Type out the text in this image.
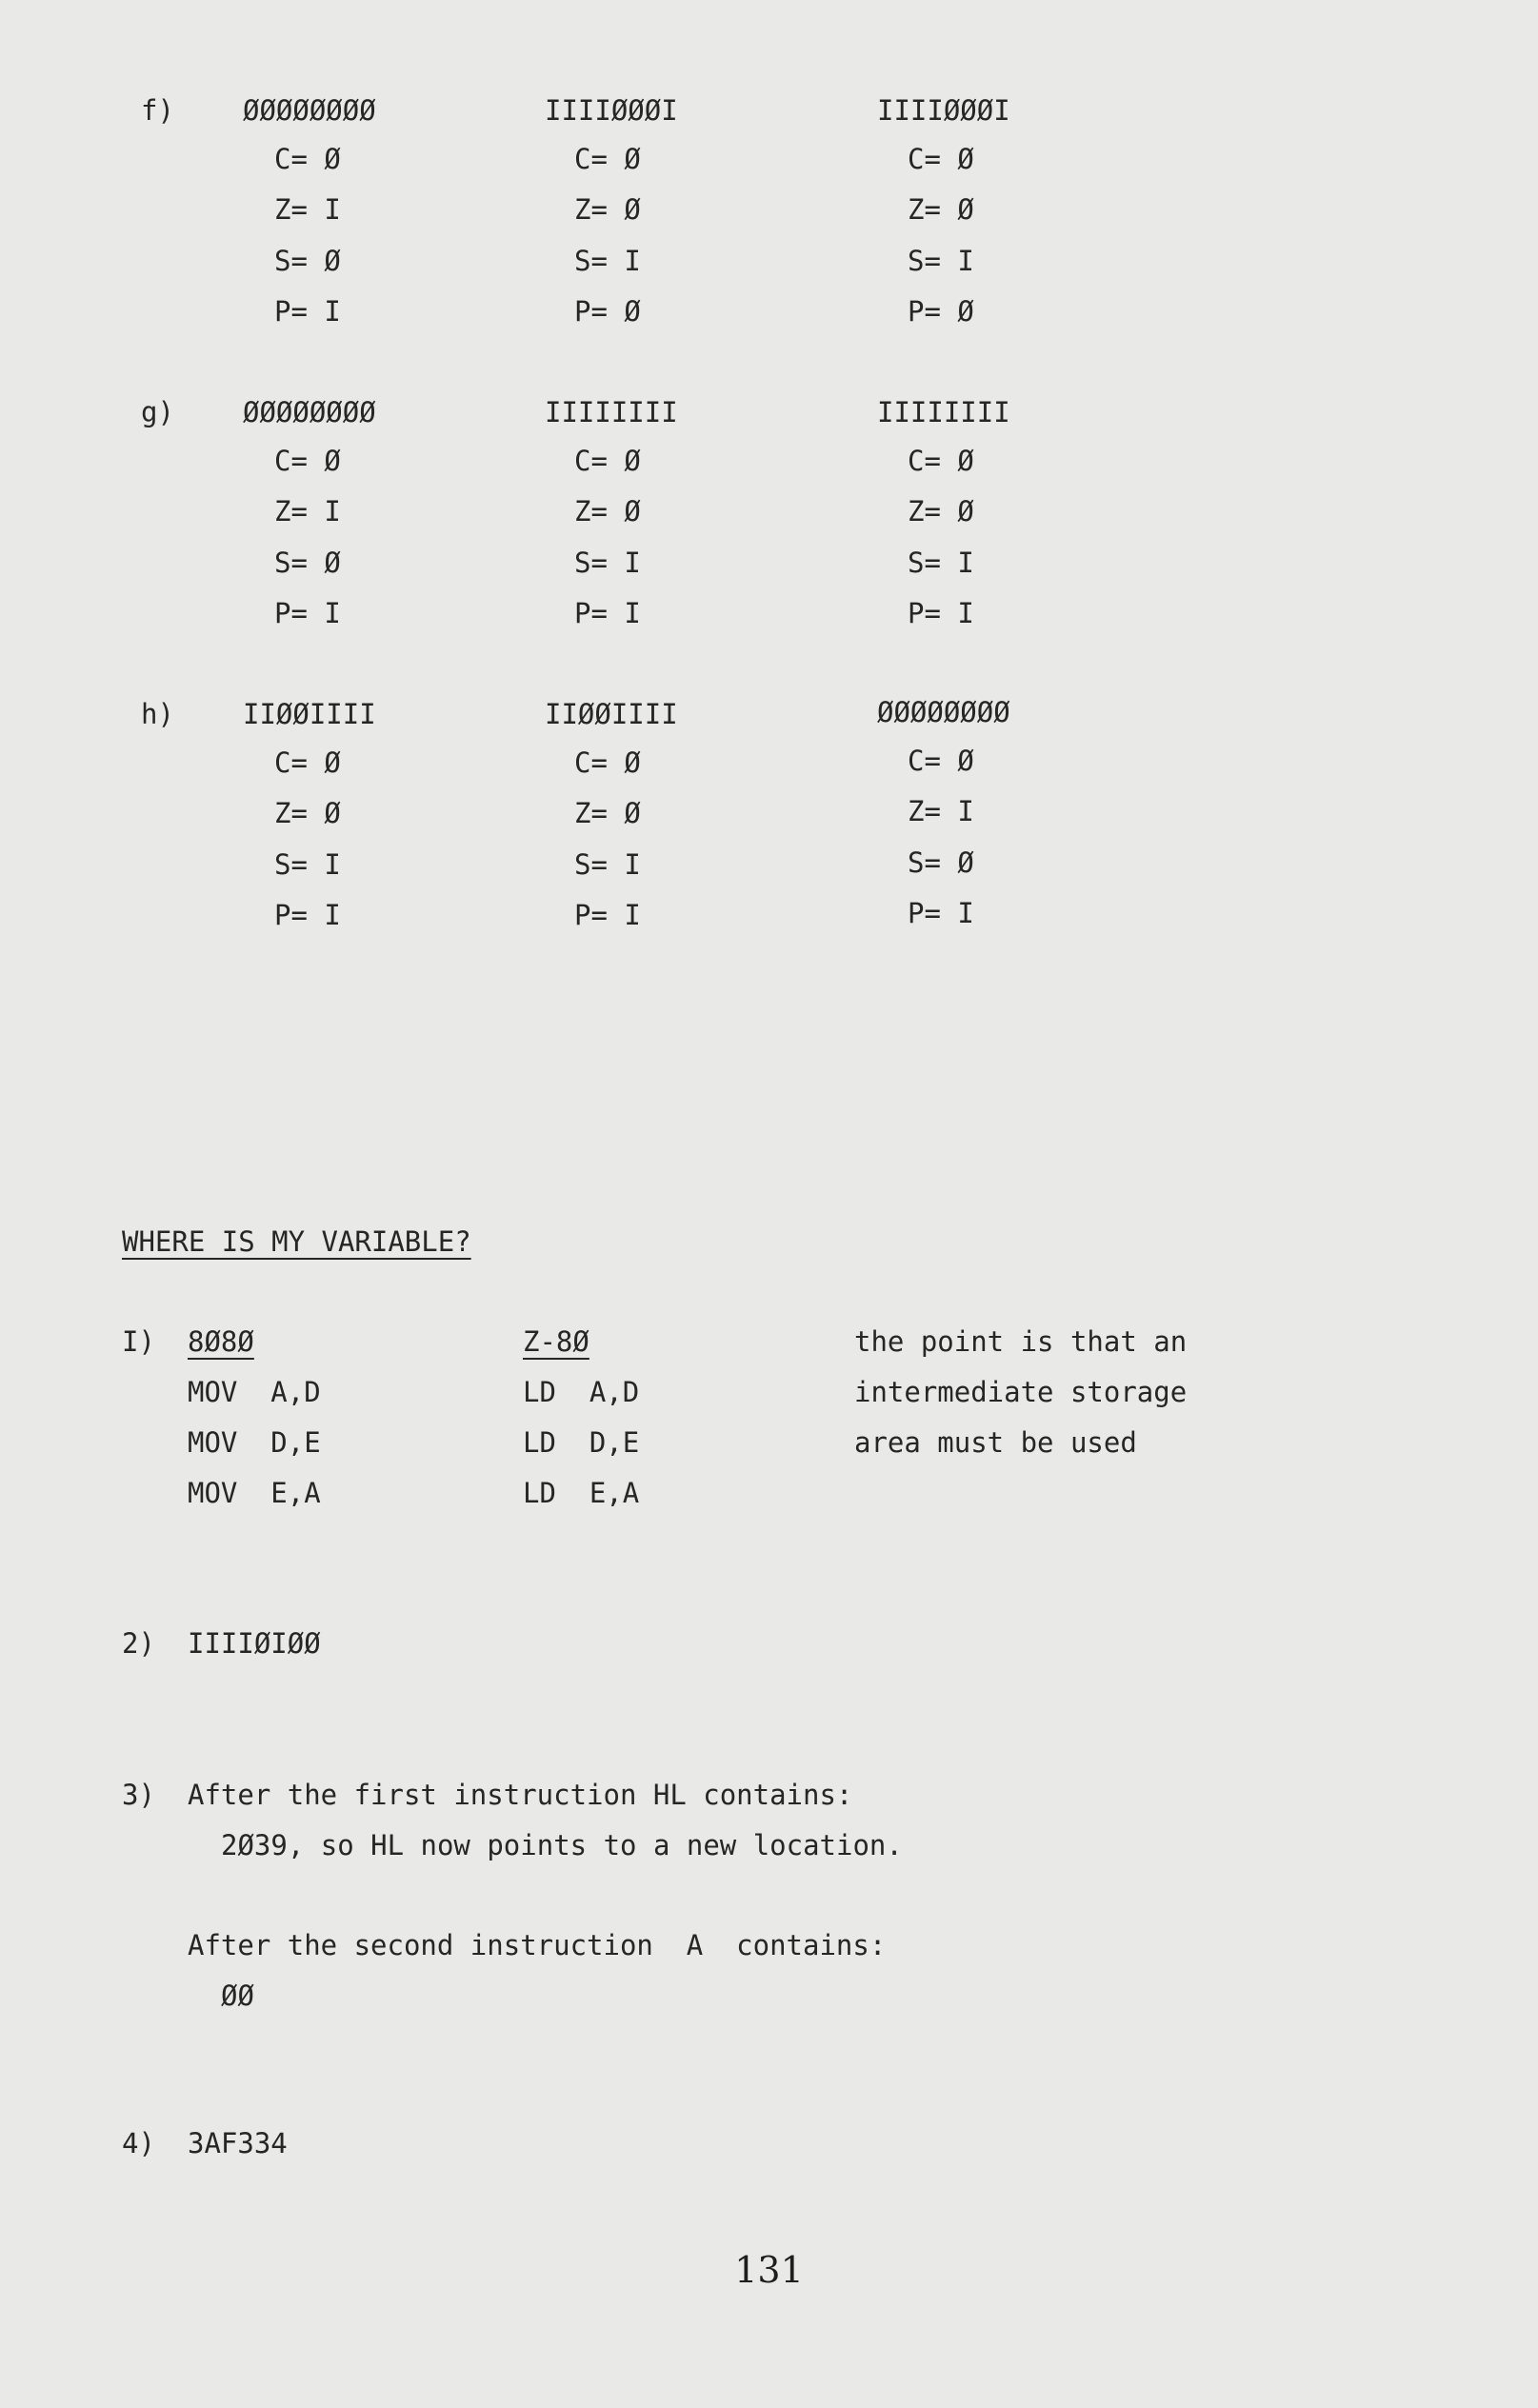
f) ØØØØØØØØ
C= Ø
Z= I
S= Ø
P= I
IIIIØØØI
C= Ø
Z= Ø
S= I
P= Ø
IIIIØØØI
C= Ø
Z= Ø
S= I
P= Ø
g) ØØØØØØØØ
C= Ø
Z= I
S= Ø
P= I
IIIIIIII
C= Ø
Z= Ø
S= I
P= I
IIIIIIII
C= Ø
Z= Ø
S= I
P= I
h) IIØØIIII
C= Ø
Z= Ø
S= I
P= I
IIØØIIII
C= Ø
Z= Ø
S= I
P= I
ØØØØØØØØ
C= Ø
Z= I
S= Ø
P= I
WHERE IS MY VARIABLE?
I) 8Ø8Ø
MOV  A,D
MOV  D,E
MOV  E,A
Z-8Ø
LD  A,D
LD  D,E
LD  E,A
the point is that an
intermediate storage
area must be used
2) IIIIØIØØ
3) After the first instruction HL contains:
2Ø39, so HL now points to a new location.
After the second instruction  A  contains:
ØØ
4) 3AF334
131
